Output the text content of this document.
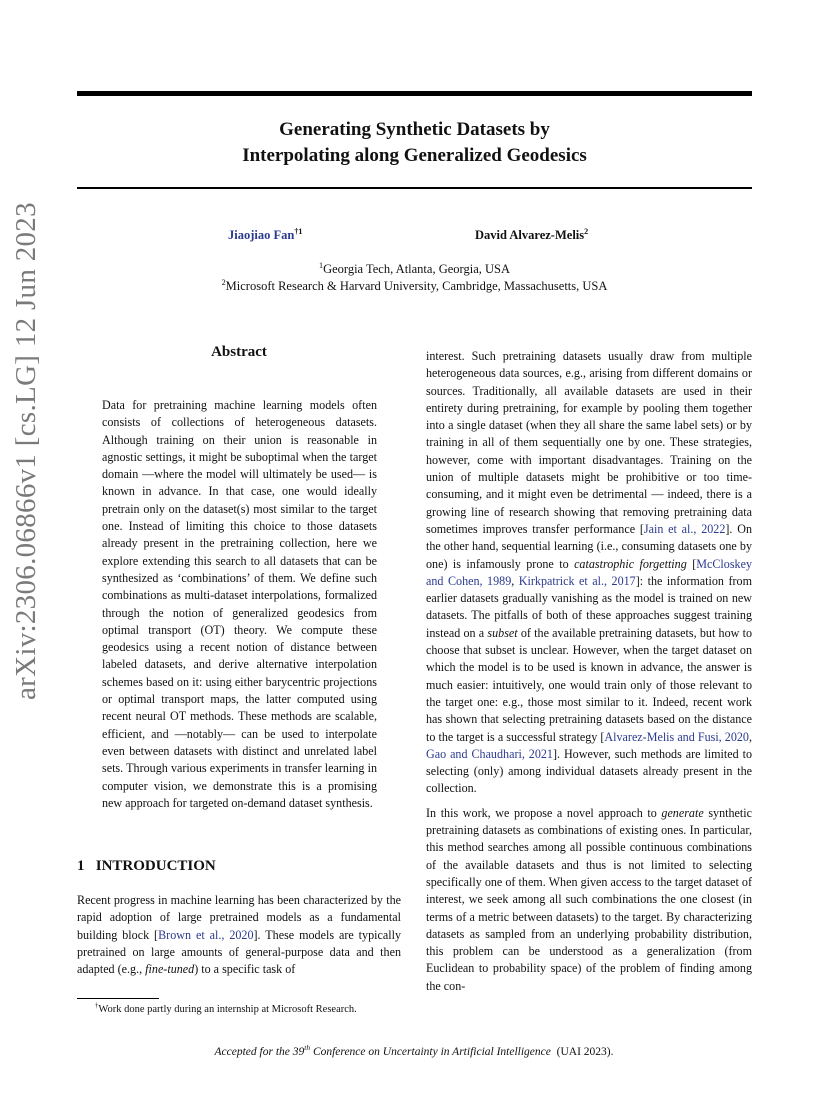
Generating Synthetic Datasets by
Interpolating along Generalized Geodesics
Jiaojiao Fan$^{\dagger 1}$	David Alvarez-Melis$^2$
$^1$Georgia Tech, Atlanta, Georgia, USA
$^2$Microsoft Research & Harvard University, Cambridge, Massachusetts, USA
arXiv:2306.06866v1 [cs.LG] 12 Jun 2023	Abstract
Data for pretraining machine learning models often consists of collections of heterogeneous datasets. Although training on their union is reasonable in agnostic settings, it might be suboptimal when the target domain —where the model will ultimately be used— is known in advance. In that case, one would ideally pretrain only on the dataset(s) most similar to the target one. Instead of limiting this choice to those datasets already present in the pretraining collection, here we explore extending this search to all datasets that can be synthesized as ‘combinations’ of them. We define such combinations as multi-dataset interpolations, formalized through the notion of generalized geodesics from optimal transport (OT) theory. We compute these geodesics using a recent notion of distance between labeled datasets, and derive alternative interpolation schemes based on it: using either barycentric projections or optimal transport maps, the latter computed using recent neural OT methods. These methods are scalable, efficient, and —notably— can be used to interpolate even between datasets with distinct and unrelated label sets. Through various experiments in transfer learning in computer vision, we demonstrate this is a promising new approach for targeted on-demand dataset synthesis.
1 INTRODUCTION
Recent progress in machine learning has been characterized by the rapid adoption of large pretrained models as a fundamental building block [Brown et al., 2020]. These models are typically pretrained on large amounts of general-purpose data and then adapted (e.g., fine-tuned) to a specific task of
†Work done partly during an internship at Microsoft Research.

interest. Such pretraining datasets usually draw from multiple heterogeneous data sources, e.g., arising from different domains or sources. Traditionally, all available datasets are used in their entirety during pretraining, for example by pooling them together into a single dataset (when they all share the same label sets) or by training in all of them sequentially one by one. These strategies, however, come with important disadvantages. Training on the union of multiple datasets might be prohibitive or too time-consuming, and it might even be detrimental — indeed, there is a growing line of research showing that removing pretraining data sometimes improves transfer performance [Jain et al., 2022]. On the other hand, sequential learning (i.e., consuming datasets one by one) is infamously prone to catastrophic forgetting [McCloskey and Cohen, 1989, Kirkpatrick et al., 2017]: the information from earlier datasets gradually vanishing as the model is trained on new datasets. The pitfalls of both of these approaches suggest training instead on a subset of the available pretraining datasets, but how to choose that subset is unclear. However, when the target dataset on which the model is to be used is known in advance, the answer is much easier: intuitively, one would train only of those relevant to the target one: e.g., those most similar to it. Indeed, recent work has shown that selecting pretraining datasets based on the distance to the target is a successful strategy [Alvarez-Melis and Fusi, 2020, Gao and Chaudhari, 2021]. However, such methods are limited to selecting (only) among individual datasets already present in the collection.

In this work, we propose a novel approach to generate synthetic pretraining datasets as combinations of existing ones. In particular, this method searches among all possible continuous combinations of the available datasets and thus is not limited to selecting specifically one of them. When given access to the target dataset of interest, we seek among all such combinations the one closest (in terms of a metric between datasets) to the target. By characterizing datasets as sampled from an underlying probability distribution, this problem can be understood as a generalization (from Euclidean to probability space) of the problem of finding among the con-

Accepted for the 39th Conference on Uncertainty in Artificial Intelligence (UAI 2023).
